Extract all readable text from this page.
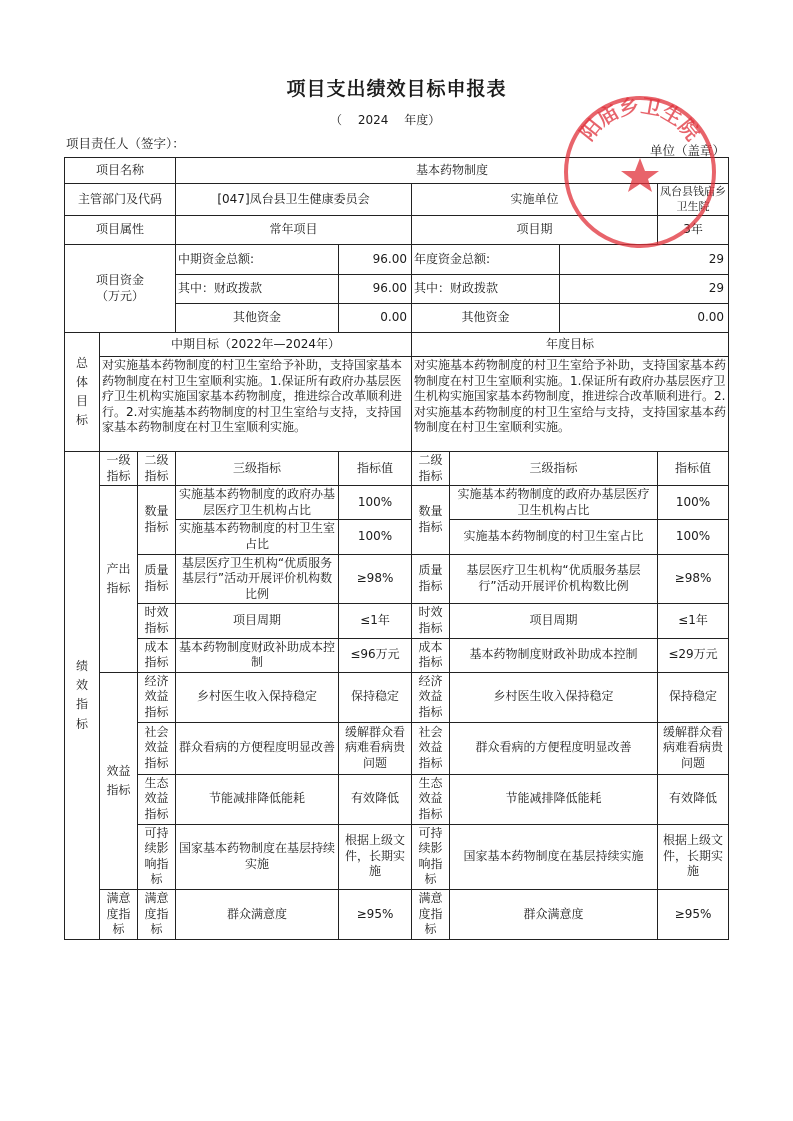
项目支出绩效目标申报表
（ 2024 年度）
项目责任人（签字）：	单位（盖章）
项目名称			基本药物制度					
主管部门及代码			[047]凤台县卫生健康委员会		实施单位			凤台县钱庙乡卫生院
项目属性			常年项目		项目期			3年
项目资金
（万元）			中期资金总额:	96.00	年度资金总额:		29	
			其中：财政拨款	96.00	其中：财政拨款		29	
			其他资金	0.00	其他资金		0.00	
总体目标	中期目标（2022年—2024年）				年度目标			
	对实施基本药物制度的村卫生室给予补助，支持国家基本药物制度在村卫生室顺利实施。1.保证所有政府办基层医疗卫生机构实施国家基本药物制度，推进综合改革顺利进行。2.对实施基本药物制度的村卫生室给与支持，支持国家基本药物制度在村卫生室顺利实施。				对实施基本药物制度的村卫生室给予补助，支持国家基本药物制度在村卫生室顺利实施。1.保证所有政府办基层医疗卫生机构实施国家基本药物制度，推进综合改革顺利进行。2.对实施基本药物制度的村卫生室给与支持，支持国家基本药物制度在村卫生室顺利实施。			
绩效指标	一级指标	二级指标	三级指标	指标值	二级指标	三级指标		指标值
	产出指标	数量指标	实施基本药物制度的政府办基层医疗卫生机构占比	100%	数量指标	实施基本药物制度的政府办基层医疗卫生机构占比		100%
			实施基本药物制度的村卫生室占比	100%		实施基本药物制度的村卫生室占比		100%
		质量指标	基层医疗卫生机构“优质服务基层行”活动开展评价机构数比例	≥98%	质量指标	基层医疗卫生机构“优质服务基层行”活动开展评价机构数比例		≥98%
		时效指标	项目周期	≤1年	时效指标	项目周期		≤1年
		成本指标	基本药物制度财政补助成本控制	≤96万元	成本指标	基本药物制度财政补助成本控制		≤29万元
	效益指标	经济效益指标	乡村医生收入保持稳定	保持稳定	经济效益指标	乡村医生收入保持稳定		保持稳定
		社会效益指标	群众看病的方便程度明显改善	缓解群众看病难看病贵问题	社会效益指标	群众看病的方便程度明显改善		缓解群众看病难看病贵问题
		生态效益指标	节能减排降低能耗	有效降低	生态效益指标	节能减排降低能耗		有效降低
		可持续影响指标	国家基本药物制度在基层持续实施	根据上级文件，长期实施	可持续影响指标	国家基本药物制度在基层持续实施		根据上级文件，长期实施
	满意度指标	满意度指标	群众满意度	≥95%	满意度指标	群众满意度		≥95%
阳庙乡卫生院
